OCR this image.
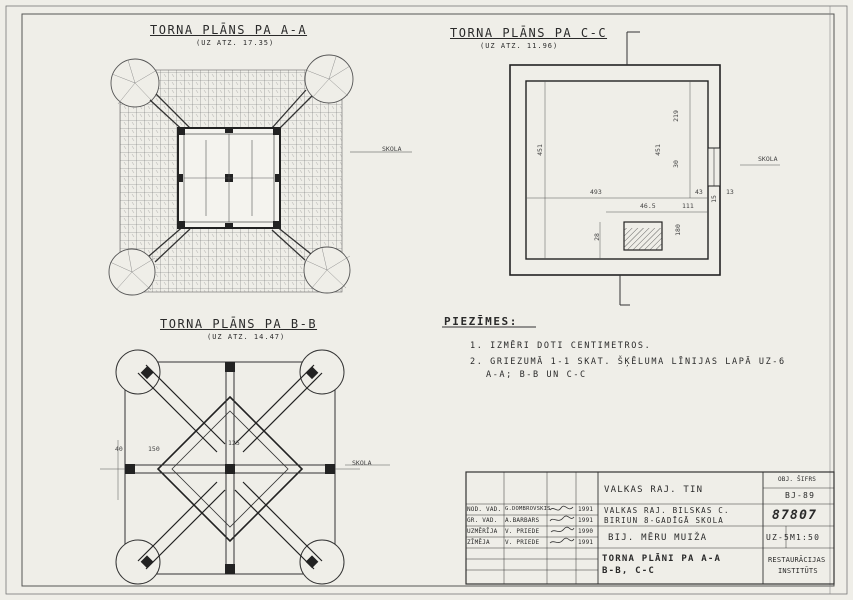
TORNA PLĀNS PA A-A
(UZ ATZ. 17.35)
TORNA PLĀNS PA C-C
(UZ ATZ. 11.96)
TORNA PLĀNS PA B-B
(UZ ATZ. 14.47)
SKOLA
SKOLA
SKOLA
451	451
219
30
493	43	13
46.5	111
15
180
28
40	150
125
PIEZĪMES:
1. IZMĒRI DOTI CENTIMETROS.
2. GRIEZUMĀ 1-1 SKAT. ŠĶĒLUMA LĪNIJAS LAPĀ UZ-6
A-A; B-B UN C-C
VALKAS RAJ. TIN
OBJ. ŠIFRS
BJ-89
VALKAS RAJ. BILSKAS C.
BIRIUN 8-GADĪGĀ SKOLA	87807
BIJ. MĒRU MUIŽA	UZ-5 M1:50
TORNA PLĀNI PA A-A
B-B, C-C
RESTAURĀCIJAS
INSTITŪTS
NOD. VAD. G.DOMBROVSKIS	1991
GR. VAD. A.BARBARS	1991
UZMĒRĪJA V. PRIEDE	1990
ZĪMĒJA	V. PRIEDE	1991
